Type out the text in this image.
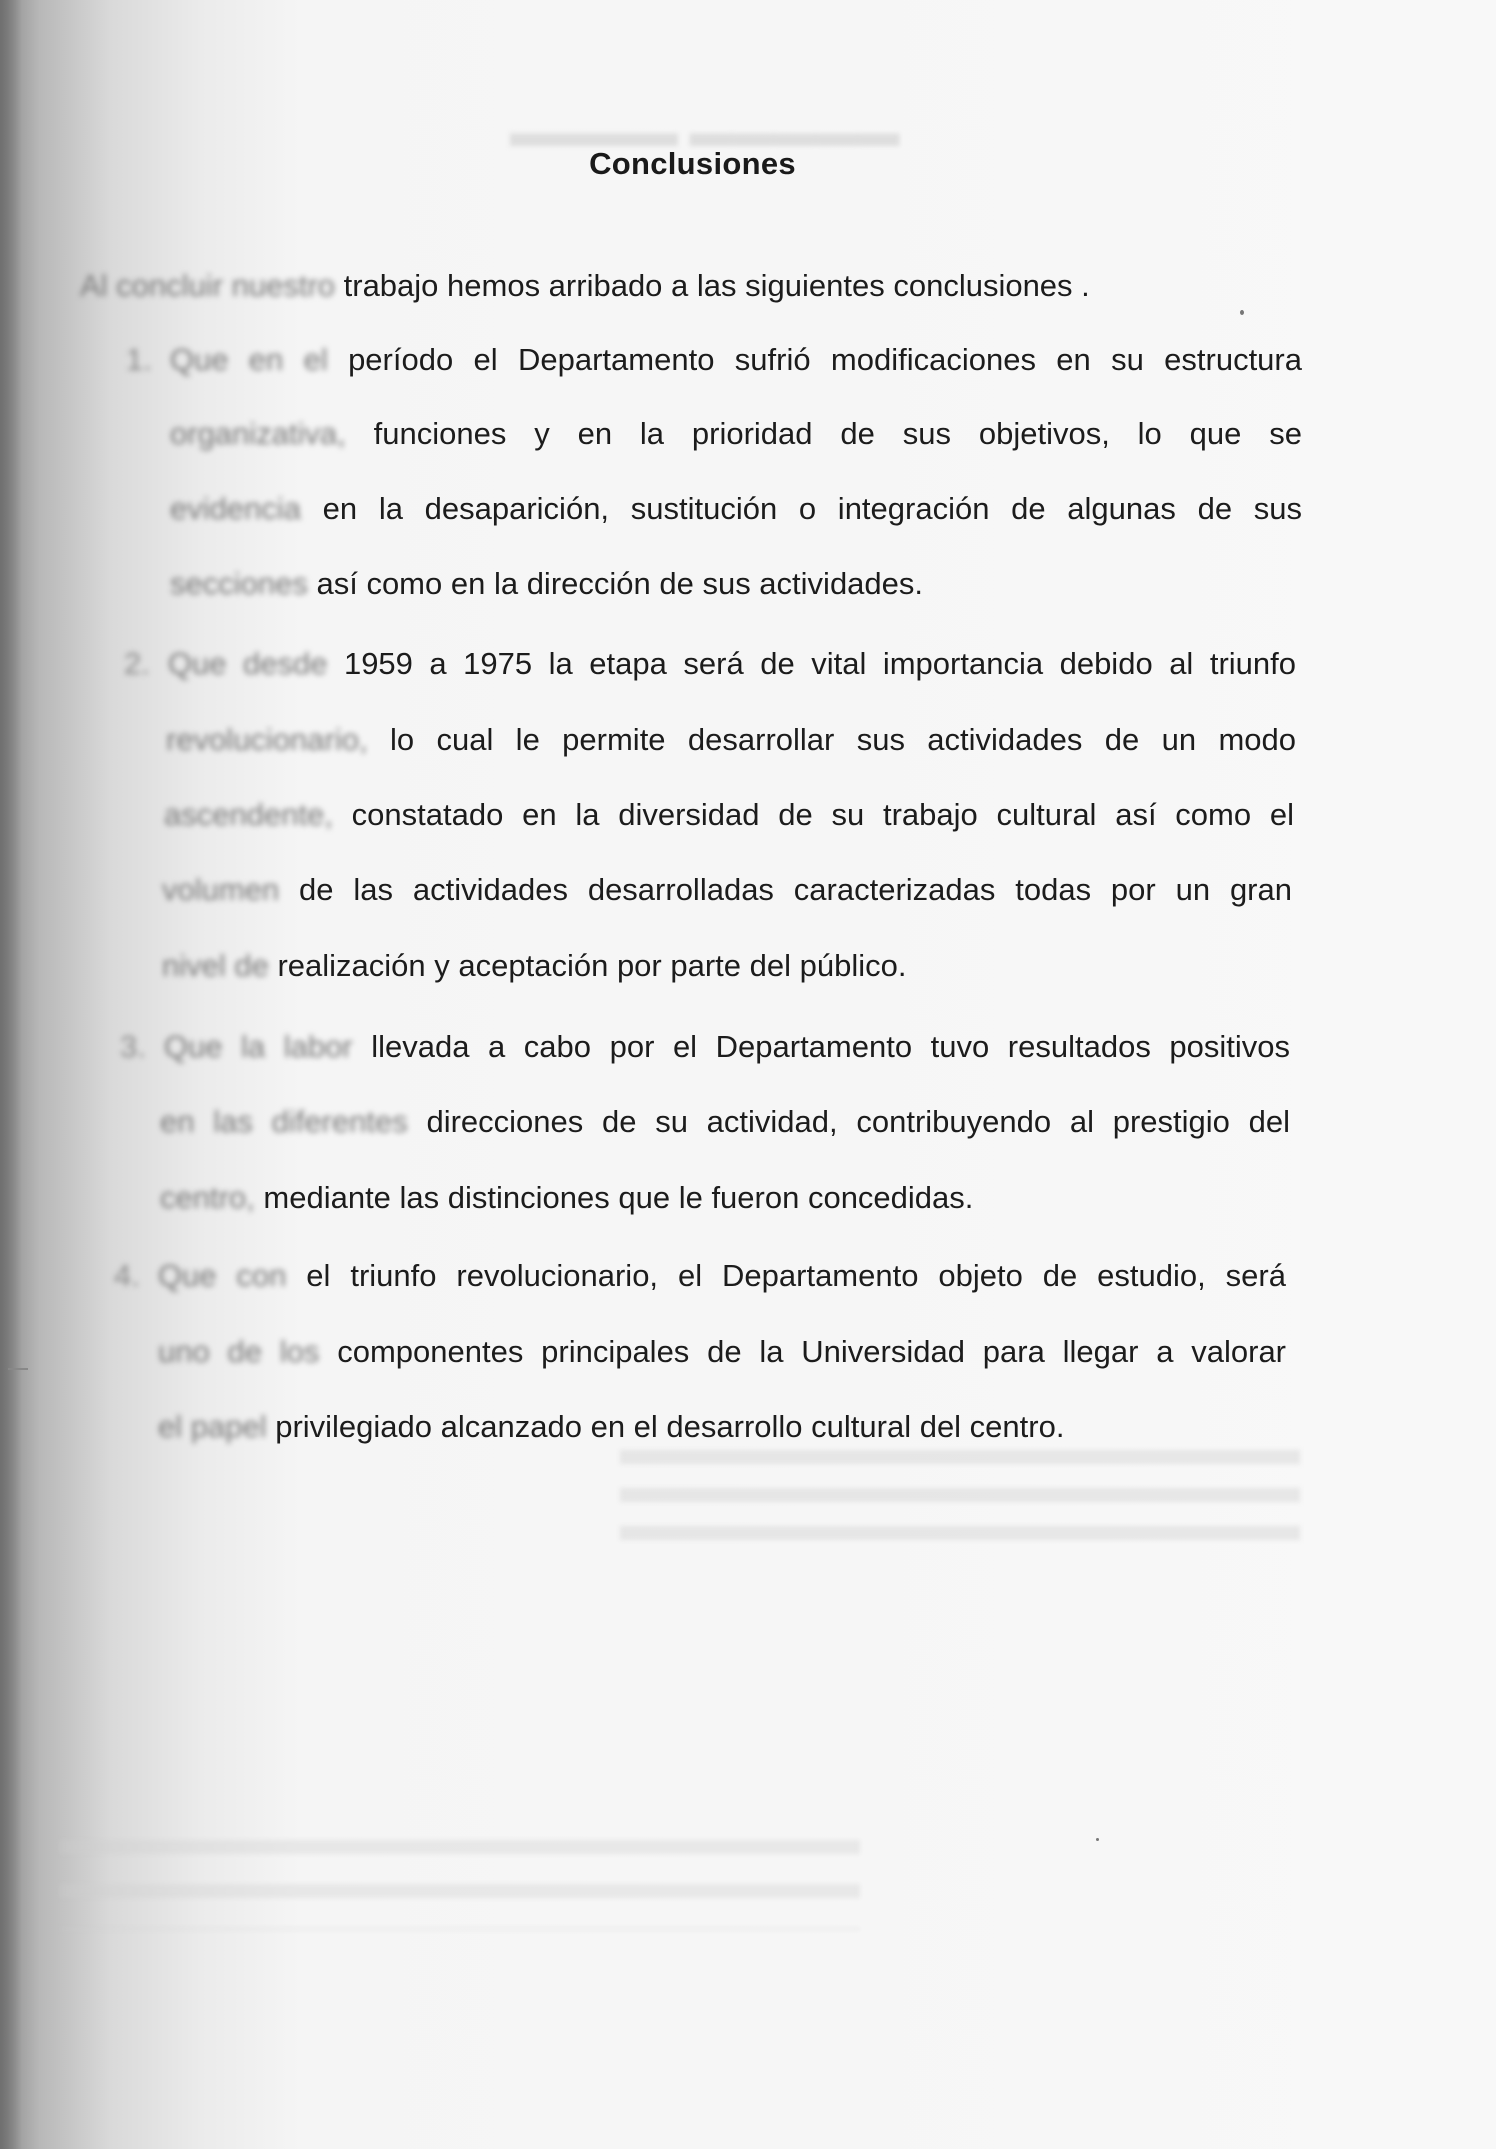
▬▬▬▬ ▬▬▬▬▬
Conclusiones
Al concluir nuestro trabajo hemos arribado a las siguientes conclusiones .
1. Que en el período el Departamento sufrió modificaciones en su estructura
organizativa, funciones y en la prioridad de sus objetivos, lo que se
evidencia en la desaparición, sustitución o integración de algunas de sus
secciones así como en la dirección de sus actividades.
2. Que desde 1959 a 1975 la etapa será de vital importancia debido al triunfo
revolucionario, lo cual le permite desarrollar sus actividades de un modo
ascendente, constatado en la diversidad de su trabajo cultural así como el
volumen de las actividades desarrolladas caracterizadas todas por un gran
nivel de realización y aceptación por parte del público.
3. Que la labor llevada a cabo por el Departamento tuvo resultados positivos
en las diferentes direcciones de su actividad, contribuyendo al prestigio del
centro, mediante las distinciones que le fueron concedidas.
4. Que con el triunfo revolucionario, el Departamento objeto de estudio, será
uno de los componentes principales de la Universidad para llegar a valorar
el papel privilegiado alcanzado en el desarrollo cultural del centro.
